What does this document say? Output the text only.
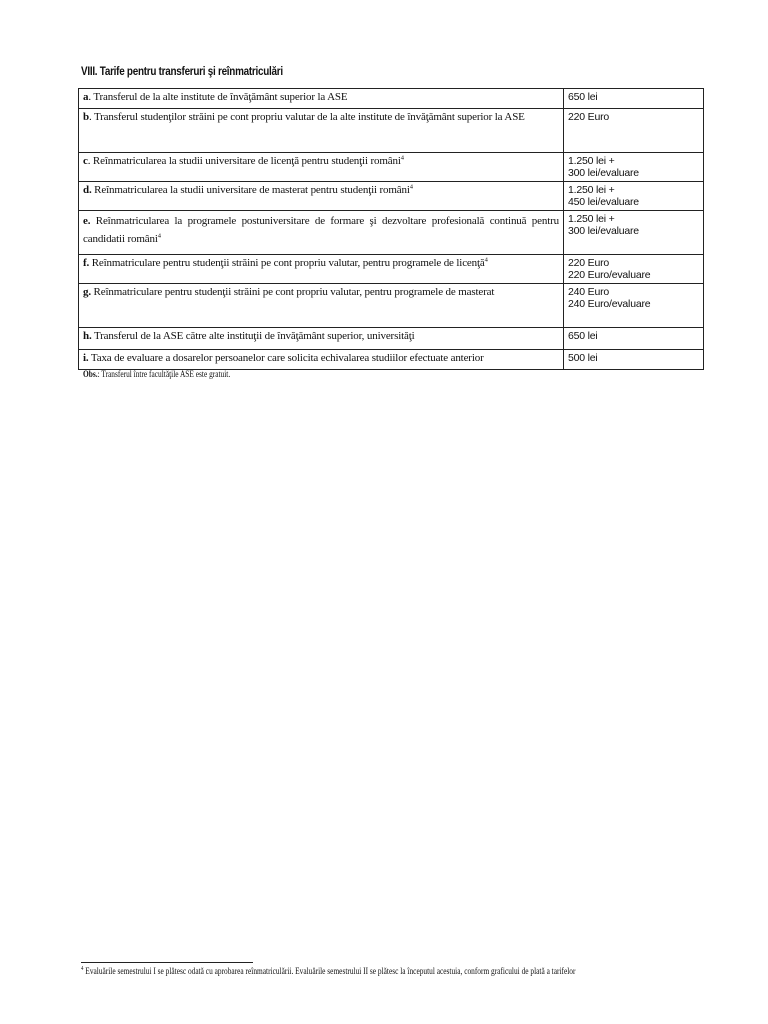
VIII. Tarife pentru transferuri şi reînmatriculări
a. Transferul de la alte institute de învăţământ superior la ASE	650 lei

b. Transferul studenţilor străini pe cont propriu valutar de la alte institute de învăţământ superior la ASE	220 Euro

c. Reînmatricularea la studii universitare de licenţă pentru studenţii români$^4$	1.250 lei +
300 lei/evaluare

d. Reînmatricularea la studii universitare de masterat pentru studenţii români$^4$	1.250 lei +
450 lei/evaluare

e. Reînmatricularea la programele postuniversitare de formare şi dezvoltare profesională continuă pentru candidatii români$^4$	1.250 lei +
300 lei/evaluare

f. Reînmatriculare pentru studenţii străini pe cont propriu valutar, pentru programele de licenţă$^4$	220 Euro
220 Euro/evaluare

g. Reînmatriculare pentru studenţii străini pe cont propriu valutar, pentru programele de masterat	240 Euro
240 Euro/evaluare

h. Transferul de la ASE către alte instituţii de învăţământ superior, universităţi	650 lei

i. Taxa de evaluare a dosarelor persoanelor care solicita echivalarea studiilor efectuate anterior	500 lei
Obs.: Transferul între facultăţile ASE este gratuit.
$^4$ Evaluările semestrului I se plătesc odată cu aprobarea reînmatriculării. Evaluările semestrului II se plătesc la începutul acestuia, conform graficului de plată a tarifelor
